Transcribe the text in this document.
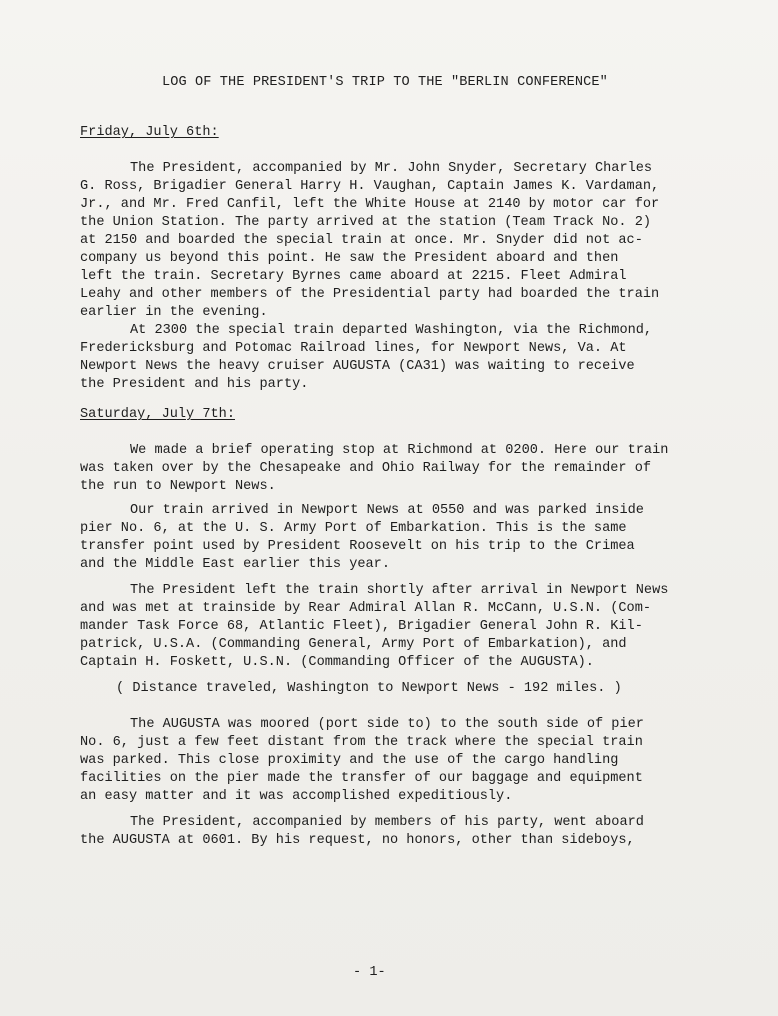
LOG OF THE PRESIDENT'S TRIP TO THE "BERLIN CONFERENCE"
Friday, July 6th:
The President, accompanied by Mr. John Snyder, Secretary Charles
G. Ross, Brigadier General Harry H. Vaughan, Captain James K. Vardaman,
Jr., and Mr. Fred Canfil, left the White House at 2140 by motor car for
the Union Station. The party arrived at the station (Team Track No. 2)
at 2150 and boarded the special train at once. Mr. Snyder did not ac-
company us beyond this point. He saw the President aboard and then
left the train. Secretary Byrnes came aboard at 2215. Fleet Admiral
Leahy and other members of the Presidential party had boarded the train
earlier in the evening.
At 2300 the special train departed Washington, via the Richmond,
Fredericksburg and Potomac Railroad lines, for Newport News, Va. At
Newport News the heavy cruiser AUGUSTA (CA31) was waiting to receive
the President and his party.
Saturday, July 7th:
We made a brief operating stop at Richmond at 0200. Here our train
was taken over by the Chesapeake and Ohio Railway for the remainder of
the run to Newport News.
Our train arrived in Newport News at 0550 and was parked inside
pier No. 6, at the U. S. Army Port of Embarkation. This is the same
transfer point used by President Roosevelt on his trip to the Crimea
and the Middle East earlier this year.
The President left the train shortly after arrival in Newport News
and was met at trainside by Rear Admiral Allan R. McCann, U.S.N. (Com-
mander Task Force 68, Atlantic Fleet), Brigadier General John R. Kil-
patrick, U.S.A. (Commanding General, Army Port of Embarkation), and
Captain H. Foskett, U.S.N. (Commanding Officer of the AUGUSTA).
( Distance traveled, Washington to Newport News - 192 miles. )
The AUGUSTA was moored (port side to) to the south side of pier
No. 6, just a few feet distant from the track where the special train
was parked. This close proximity and the use of the cargo handling
facilities on the pier made the transfer of our baggage and equipment
an easy matter and it was accomplished expeditiously.
The President, accompanied by members of his party, went aboard
the AUGUSTA at 0601. By his request, no honors, other than sideboys,
- 1-
